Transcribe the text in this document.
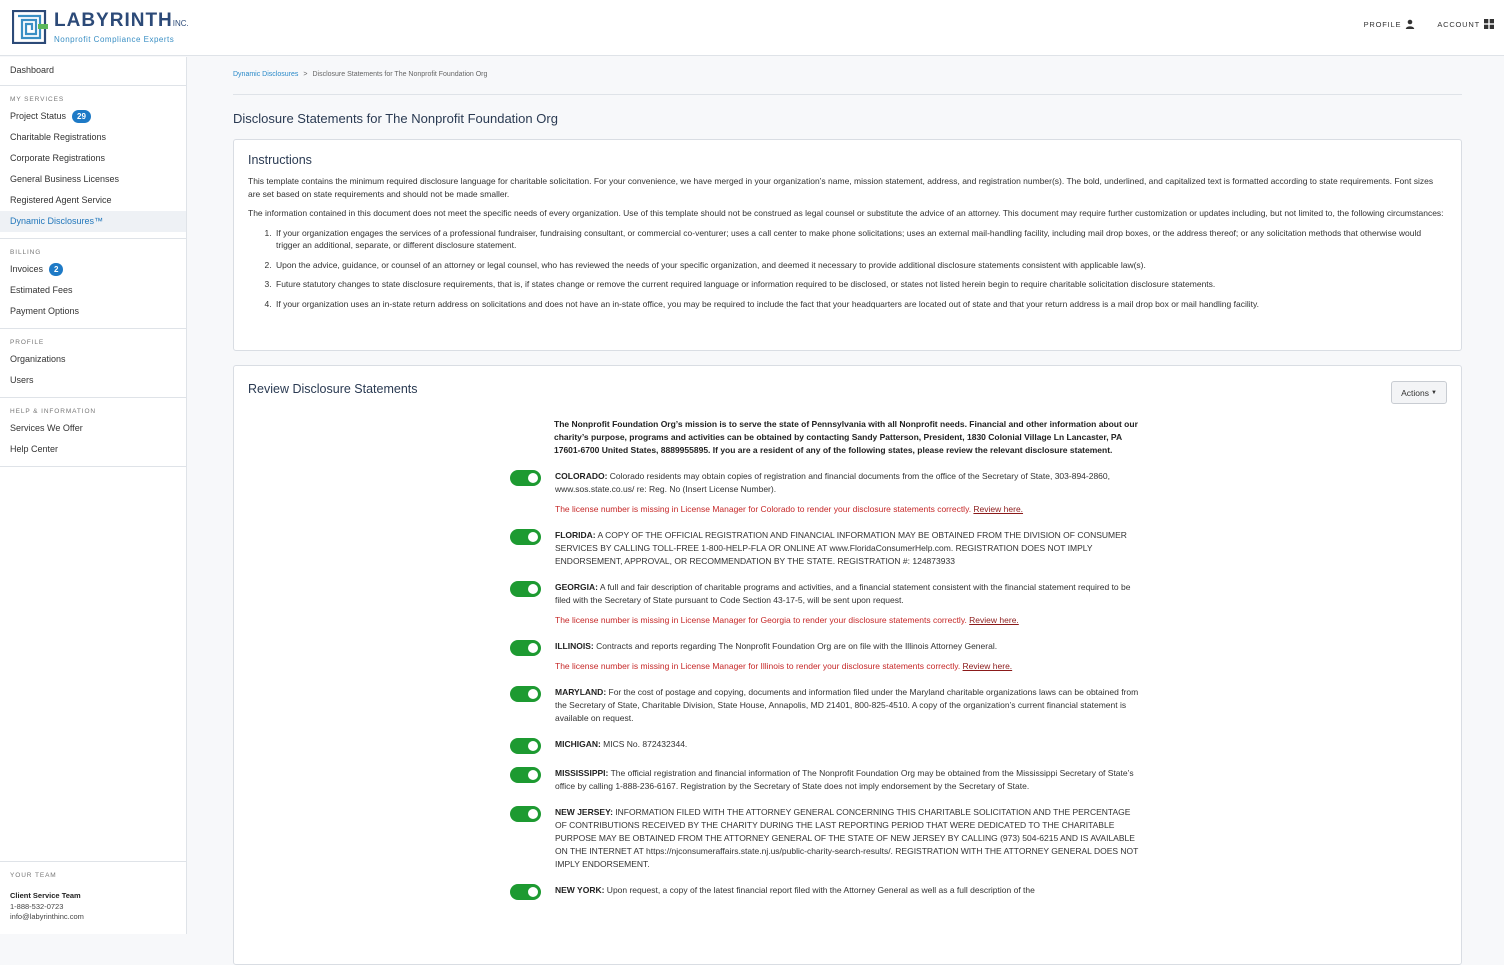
LABYRINTHINC.
Nonprofit Compliance Experts
PROFILE	ACCOUNT
Dashboard
MY SERVICES
Project Status	29
Charitable Registrations
Corporate Registrations
General Business Licenses
Registered Agent Service
Dynamic Disclosures™
BILLING
Invoices	2
Estimated Fees
Payment Options
PROFILE
Organizations
Users
HELP & INFORMATION
Services We Offer
Help Center
YOUR TEAM
Client Service Team
1-888-532-0723
info@labyrinthinc.com
Dynamic Disclosures > Disclosure Statements for The Nonprofit Foundation Org
Disclosure Statements for The Nonprofit Foundation Org
Instructions

This template contains the minimum required disclosure language for charitable solicitation. For your convenience, we have merged in your organization’s name, mission statement, address, and registration number(s). The bold, underlined, and capitalized text is formatted according to state requirements. Font sizes are set based on state requirements and should not be made smaller.

The information contained in this document does not meet the specific needs of every organization. Use of this template should not be construed as legal counsel or substitute the advice of an attorney. This document may require further customization or updates including, but not limited to, the following circumstances:

1. If your organization engages the services of a professional fundraiser, fundraising consultant, or commercial co-venturer; uses a call center to make phone solicitations; uses an external mail-handling facility, including mail drop boxes, or the address thereof; or any solicitation methods that otherwise would trigger an additional, separate, or different disclosure statement.
2. Upon the advice, guidance, or counsel of an attorney or legal counsel, who has reviewed the needs of your specific organization, and deemed it necessary to provide additional disclosure statements consistent with applicable law(s).
3. Future statutory changes to state disclosure requirements, that is, if states change or remove the current required language or information required to be disclosed, or states not listed herein begin to require charitable solicitation disclosure statements.
4. If your organization uses an in-state return address on solicitations and does not have an in-state office, you may be required to include the fact that your headquarters are located out of state and that your return address is a mail drop box or mail handling facility.
Review Disclosure Statements	Actions ▼
The Nonprofit Foundation Org’s mission is to serve the state of Pennsylvania with all Nonprofit needs. Financial and other information about our charity’s purpose, programs and activities can be obtained by contacting Sandy Patterson, President, 1830 Colonial Village Ln Lancaster, PA 17601-6700 United States, 8889955895. If you are a resident of any of the following states, please review the relevant disclosure statement.
COLORADO: Colorado residents may obtain copies of registration and financial documents from the office of the Secretary of State, 303-894-2860, www.sos.state.co.us/ re: Reg. No (Insert License Number).
The license number is missing in License Manager for Colorado to render your disclosure statements correctly. Review here.
FLORIDA: A COPY OF THE OFFICIAL REGISTRATION AND FINANCIAL INFORMATION MAY BE OBTAINED FROM THE DIVISION OF CONSUMER SERVICES BY CALLING TOLL-FREE 1-800-HELP-FLA OR ONLINE AT www.FloridaConsumerHelp.com. REGISTRATION DOES NOT IMPLY ENDORSEMENT, APPROVAL, OR RECOMMENDATION BY THE STATE. REGISTRATION #: 124873933
GEORGIA: A full and fair description of charitable programs and activities, and a financial statement consistent with the financial statement required to be filed with the Secretary of State pursuant to Code Section 43-17-5, will be sent upon request.
The license number is missing in License Manager for Georgia to render your disclosure statements correctly. Review here.
ILLINOIS: Contracts and reports regarding The Nonprofit Foundation Org are on file with the Illinois Attorney General.
The license number is missing in License Manager for Illinois to render your disclosure statements correctly. Review here.
MARYLAND: For the cost of postage and copying, documents and information filed under the Maryland charitable organizations laws can be obtained from the Secretary of State, Charitable Division, State House, Annapolis, MD 21401, 800-825-4510. A copy of the organization’s current financial statement is available on request.
MICHIGAN: MICS No. 872432344.
MISSISSIPPI: The official registration and financial information of The Nonprofit Foundation Org may be obtained from the Mississippi Secretary of State’s office by calling 1-888-236-6167. Registration by the Secretary of State does not imply endorsement by the Secretary of State.
NEW JERSEY: INFORMATION FILED WITH THE ATTORNEY GENERAL CONCERNING THIS CHARITABLE SOLICITATION AND THE PERCENTAGE OF CONTRIBUTIONS RECEIVED BY THE CHARITY DURING THE LAST REPORTING PERIOD THAT WERE DEDICATED TO THE CHARITABLE PURPOSE MAY BE OBTAINED FROM THE ATTORNEY GENERAL OF THE STATE OF NEW JERSEY BY CALLING (973) 504-6215 AND IS AVAILABLE ON THE INTERNET AT https://njconsumeraffairs.state.nj.us/public-charity-search-results/. REGISTRATION WITH THE ATTORNEY GENERAL DOES NOT IMPLY ENDORSEMENT.
NEW YORK: Upon request, a copy of the latest financial report filed with the Attorney General as well as a full description of the
